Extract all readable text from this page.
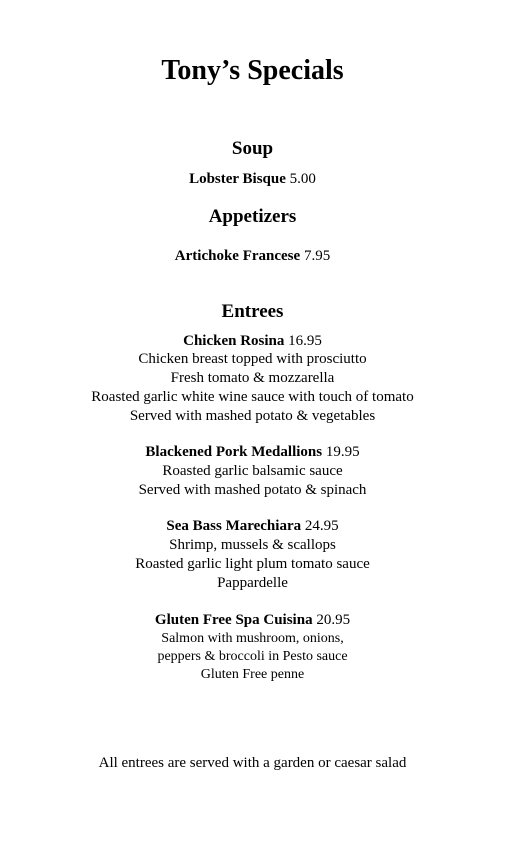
Tony’s Specials
Soup
Lobster Bisque 5.00
Appetizers
Artichoke Francese 7.95
Entrees
Chicken Rosina 16.95
Chicken breast topped with prosciutto
Fresh tomato & mozzarella
Roasted garlic white wine sauce with touch of tomato
Served with mashed potato & vegetables
Blackened Pork Medallions 19.95
Roasted garlic balsamic sauce
Served with mashed potato & spinach
Sea Bass Marechiara 24.95
Shrimp, mussels & scallops
Roasted garlic light plum tomato sauce
Pappardelle
Gluten Free Spa Cuisina 20.95
Salmon with mushroom, onions,
peppers & broccoli in Pesto sauce
Gluten Free penne
All entrees are served with a garden or caesar salad
